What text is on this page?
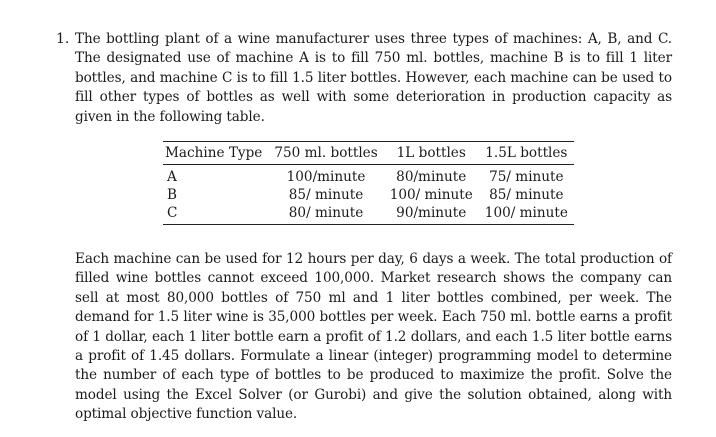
1. The bottling plant of a wine manufacturer uses three types of machines: A, B, and C. The designated use of machine A is to fill 750 ml. bottles, machine B is to fill 1 liter bottles, and machine C is to fill 1.5 liter bottles. However, each machine can be used to fill other types of bottles as well with some deterioration in production capacity as given in the following table.

Machine Type	750 ml. bottles	1L bottles	1.5L bottles
A	100/minute	80/minute	75/ minute
B	85/ minute	100/ minute	85/ minute
C	80/ minute	90/minute	100/ minute

Each machine can be used for 12 hours per day, 6 days a week. The total production of filled wine bottles cannot exceed 100,000. Market research shows the company can sell at most 80,000 bottles of 750 ml and 1 liter bottles combined, per week. The demand for 1.5 liter wine is 35,000 bottles per week. Each 750 ml. bottle earns a profit of 1 dollar, each 1 liter bottle earn a profit of 1.2 dollars, and each 1.5 liter bottle earns a profit of 1.45 dollars. Formulate a linear (integer) programming model to determine the number of each type of bottles to be produced to maximize the profit. Solve the model using the Excel Solver (or Gurobi) and give the solution obtained, along with optimal objective function value.
